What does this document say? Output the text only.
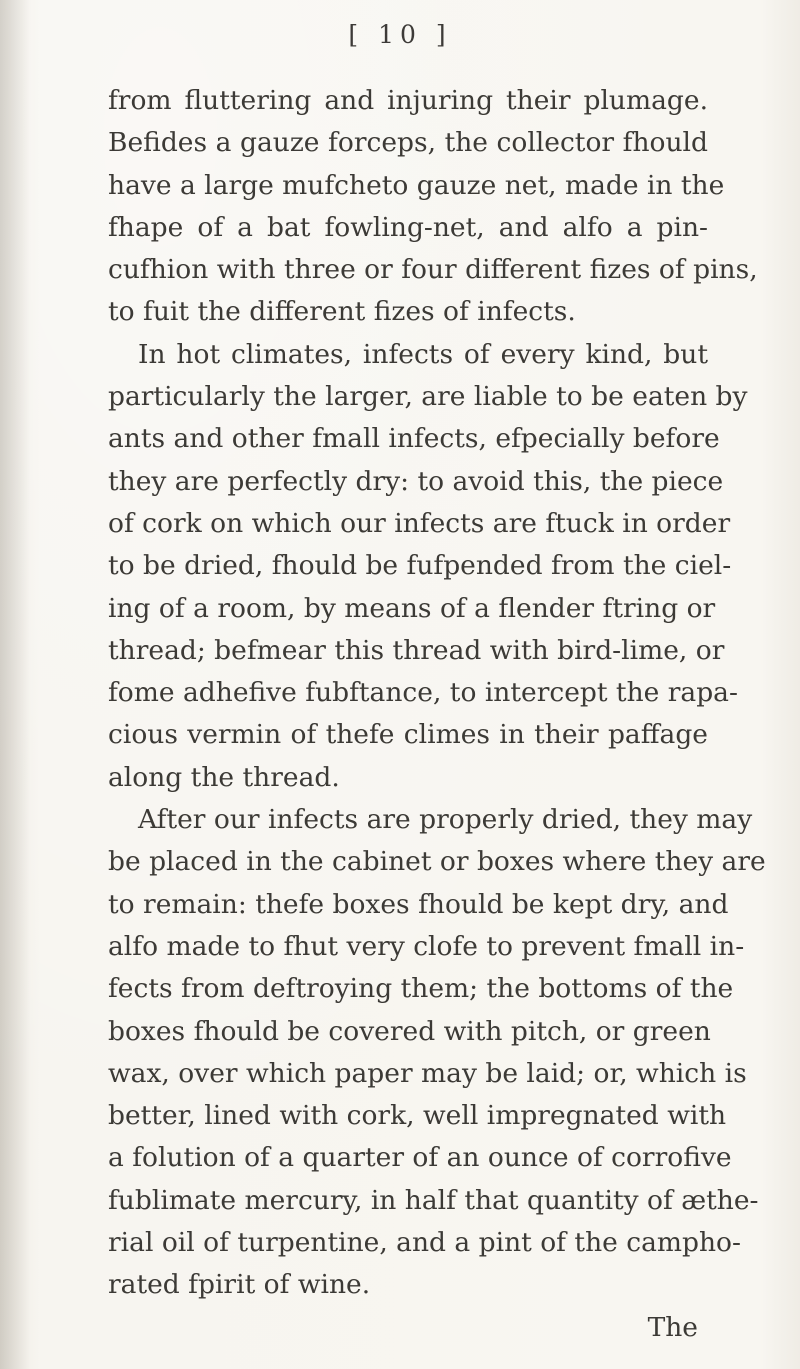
[ 10 ]
from fluttering and injuring their plumage.
Befides a gauze forceps, the collector fhould
have a large mufcheto gauze net, made in the
fhape of a bat fowling-net, and alfo a pin-
cufhion with three or four different fizes of pins,
to fuit the different fizes of infects.
In hot climates, infects of every kind, but
particularly the larger, are liable to be eaten by
ants and other fmall infects, efpecially before
they are perfectly dry: to avoid this, the piece
of cork on which our infects are ftuck in order
to be dried, fhould be fufpended from the ciel-
ing of a room, by means of a flender ftring or
thread; befmear this thread with bird-lime, or
fome adhefive fubftance, to intercept the rapa-
cious vermin of thefe climes in their paffage
along the thread.
After our infects are properly dried, they may
be placed in the cabinet or boxes where they are
to remain: thefe boxes fhould be kept dry, and
alfo made to fhut very clofe to prevent fmall in-
fects from deftroying them; the bottoms of the
boxes fhould be covered with pitch, or green
wax, over which paper may be laid; or, which is
better, lined with cork, well impregnated with
a folution of a quarter of an ounce of corrofive
fublimate mercury, in half that quantity of æthe-
rial oil of turpentine, and a pint of the campho-
rated fpirit of wine.
The
